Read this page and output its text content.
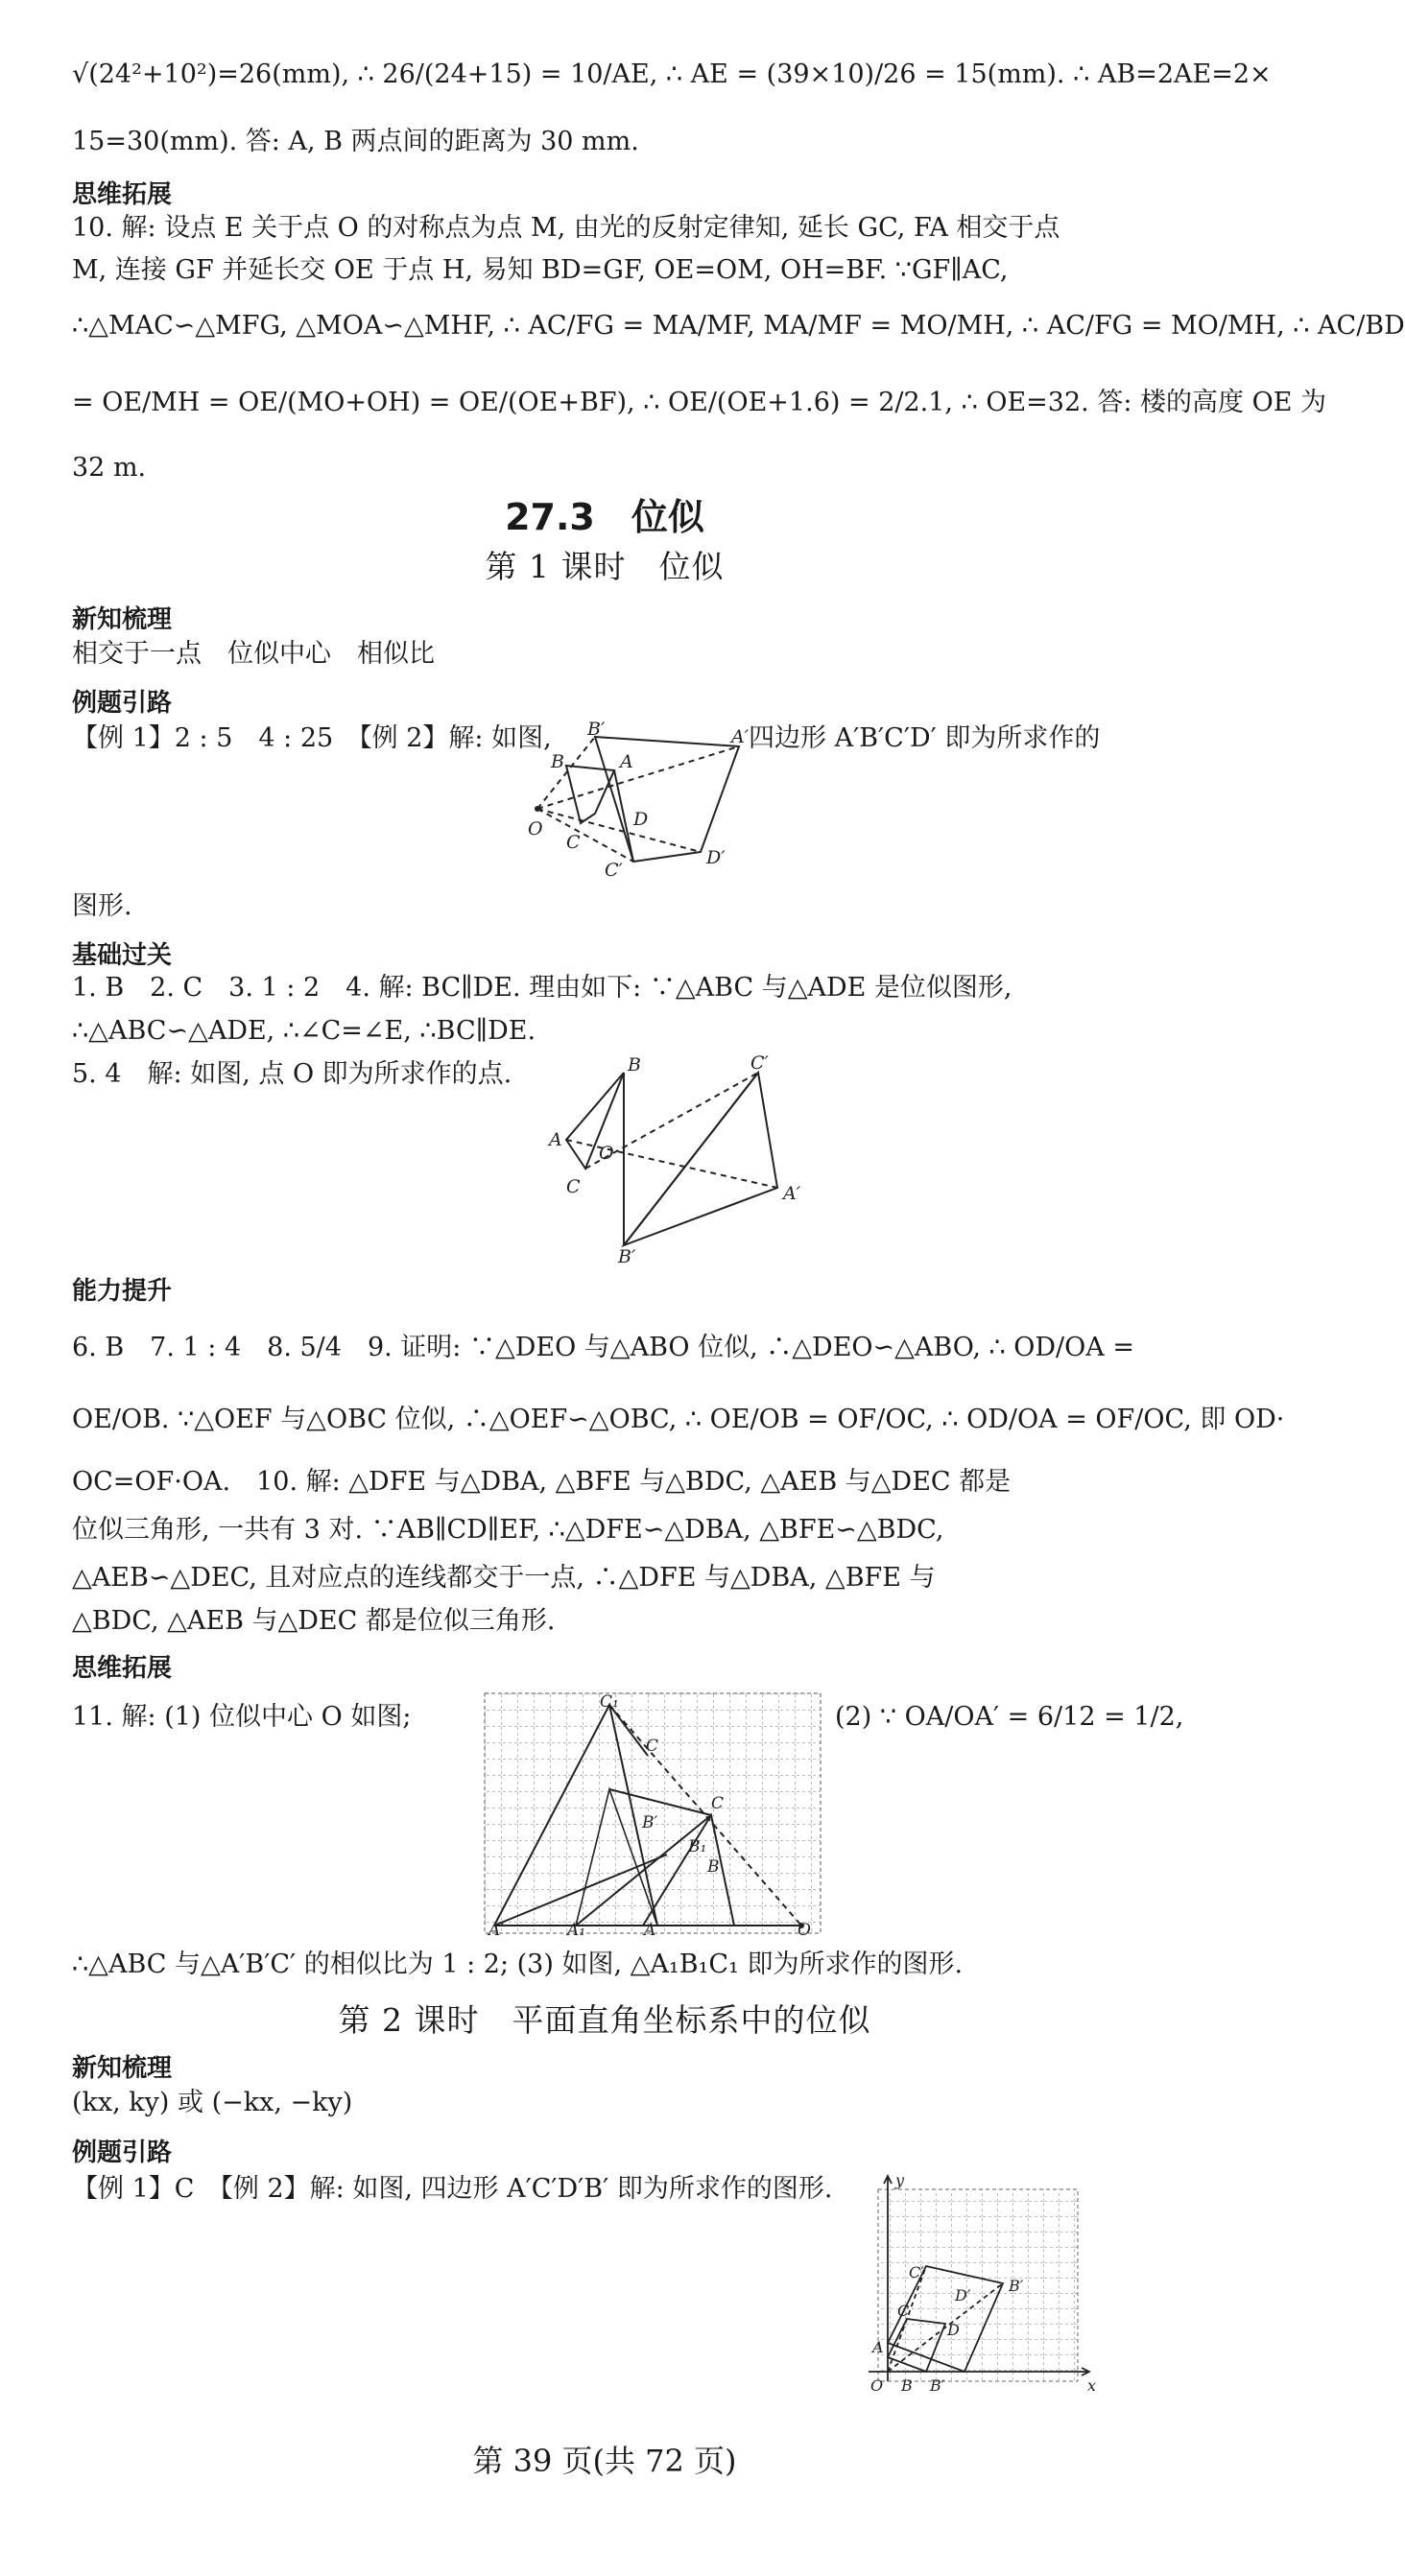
√(24²+10²)=26(mm), ∴ 26/(24+15) = 10/AE, ∴ AE = (39×10)/26 = 15(mm). ∴ AB=2AE=2×
15=30(mm). 答: A, B 两点间的距离为 30 mm.
思维拓展
10. 解: 设点 E 关于点 O 的对称点为点 M, 由光的反射定律知, 延长 GC, FA 相交于点
M, 连接 GF 并延长交 OE 于点 H, 易知 BD=GF, OE=OM, OH=BF. ∵GF∥AC,
∴△MAC∽△MFG, △MOA∽△MHF, ∴ AC/FG = MA/MF, MA/MF = MO/MH, ∴ AC/FG = MO/MH, ∴ AC/BD
= OE/MH = OE/(MO+OH) = OE/(OE+BF), ∴ OE/(OE+1.6) = 2/2.1, ∴ OE=32. 答: 楼的高度 OE 为
32 m.
27.3　位似
第 1 课时　位似
新知梳理
相交于一点　位似中心　相似比
例题引路
【例 1】2 : 5　4 : 25　【例 2】解: 如图,	四边形 A′B′C′D′ 即为所求作的
B′	A′
B	A
D
O
C
C′
D′
图形.
基础过关
1. B　2. C　3. 1 : 2　4. 解: BC∥DE. 理由如下: ∵△ABC 与△ADE 是位似图形,
∴△ABC∽△ADE, ∴∠C=∠E, ∴BC∥DE.
5. 4　解: 如图, 点 O 即为所求作的点.	B	C′
A
O
C	A′
B′
能力提升
6. B　7. 1 : 4　8. 5/4　9. 证明: ∵△DEO 与△ABO 位似, ∴△DEO∽△ABO, ∴ OD/OA =
OE/OB. ∵△OEF 与△OBC 位似, ∴△OEF∽△OBC, ∴ OE/OB = OF/OC, ∴ OD/OA = OF/OC, 即 OD·
OC=OF·OA.　10. 解: △DFE 与△DBA, △BFE 与△BDC, △AEB 与△DEC 都是
位似三角形, 一共有 3 对. ∵AB∥CD∥EF, ∴△DFE∽△DBA, △BFE∽△BDC,
△AEB∽△DEC, 且对应点的连线都交于一点, ∴△DFE 与△DBA, △BFE 与
△BDC, △AEB 与△DEC 都是位似三角形.
思维拓展
11. 解: (1) 位似中心 O 如图;	(2) ∵ OA/OA′ = 6/12 = 1/2,
C₁
C
C
B′
B₁
B
A′	A₁	A	O
∴△ABC 与△A′B′C′ 的相似比为 1 : 2; (3) 如图, △A₁B₁C₁ 即为所求作的图形.
第 2 课时　平面直角坐标系中的位似
新知梳理
(kx, ky) 或 (−kx, −ky)
例题引路
【例 1】C　【例 2】解: 如图, 四边形 A′C′D′B′ 即为所求作的图形.	y
x
C′
D′
B′
C
D
A
O B B′
第 39 页(共 72 页)
